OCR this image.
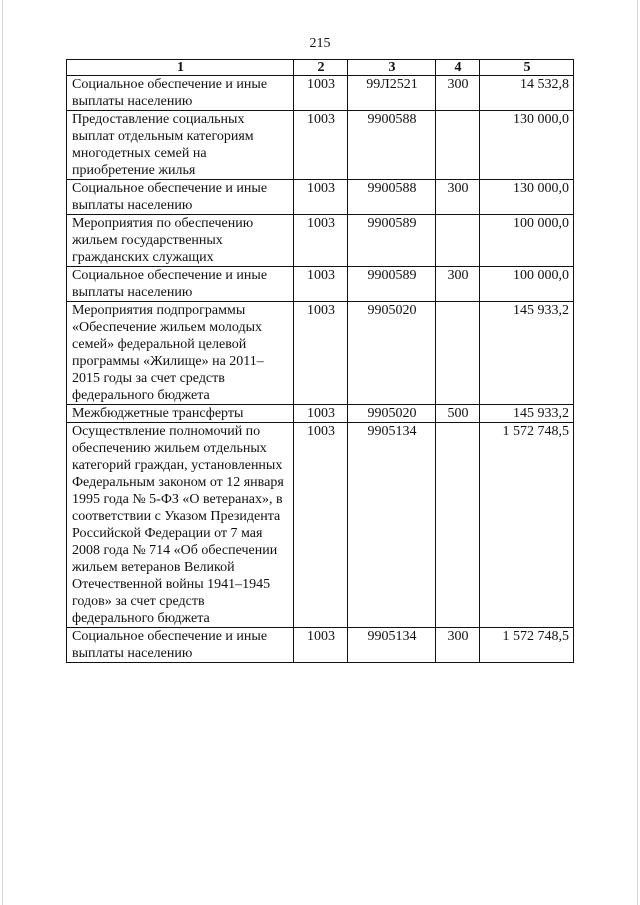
215
1	2	3	4	5
Социальное обеспечение и иные выплаты населению	1003	99Л2521	300	14 532,8
Предоставление социальных выплат отдельным категориям многодетных семей на приобретение жилья	1003	9900588		130 000,0
Социальное обеспечение и иные выплаты населению	1003	9900588	300	130 000,0
Мероприятия по обеспечению жильем государственных гражданских служащих	1003	9900589		100 000,0
Социальное обеспечение и иные выплаты населению	1003	9900589	300	100 000,0
Мероприятия подпрограммы «Обеспечение жильем молодых семей» федеральной целевой программы «Жилище» на 2011–2015 годы за счет средств федерального бюджета	1003	9905020		145 933,2
Межбюджетные трансферты	1003	9905020	500	145 933,2
Осуществление полномочий по обеспечению жильем отдельных категорий граждан, установленных Федеральным законом от 12 января 1995 года № 5-ФЗ «О ветеранах», в соответствии с Указом Президента Российской Федерации от 7 мая 2008 года № 714 «Об обеспечении жильем ветеранов Великой Отечественной войны 1941–1945 годов» за счет средств федерального бюджета	1003	9905134		1 572 748,5
Социальное обеспечение и иные выплаты населению	1003	9905134	300	1 572 748,5
